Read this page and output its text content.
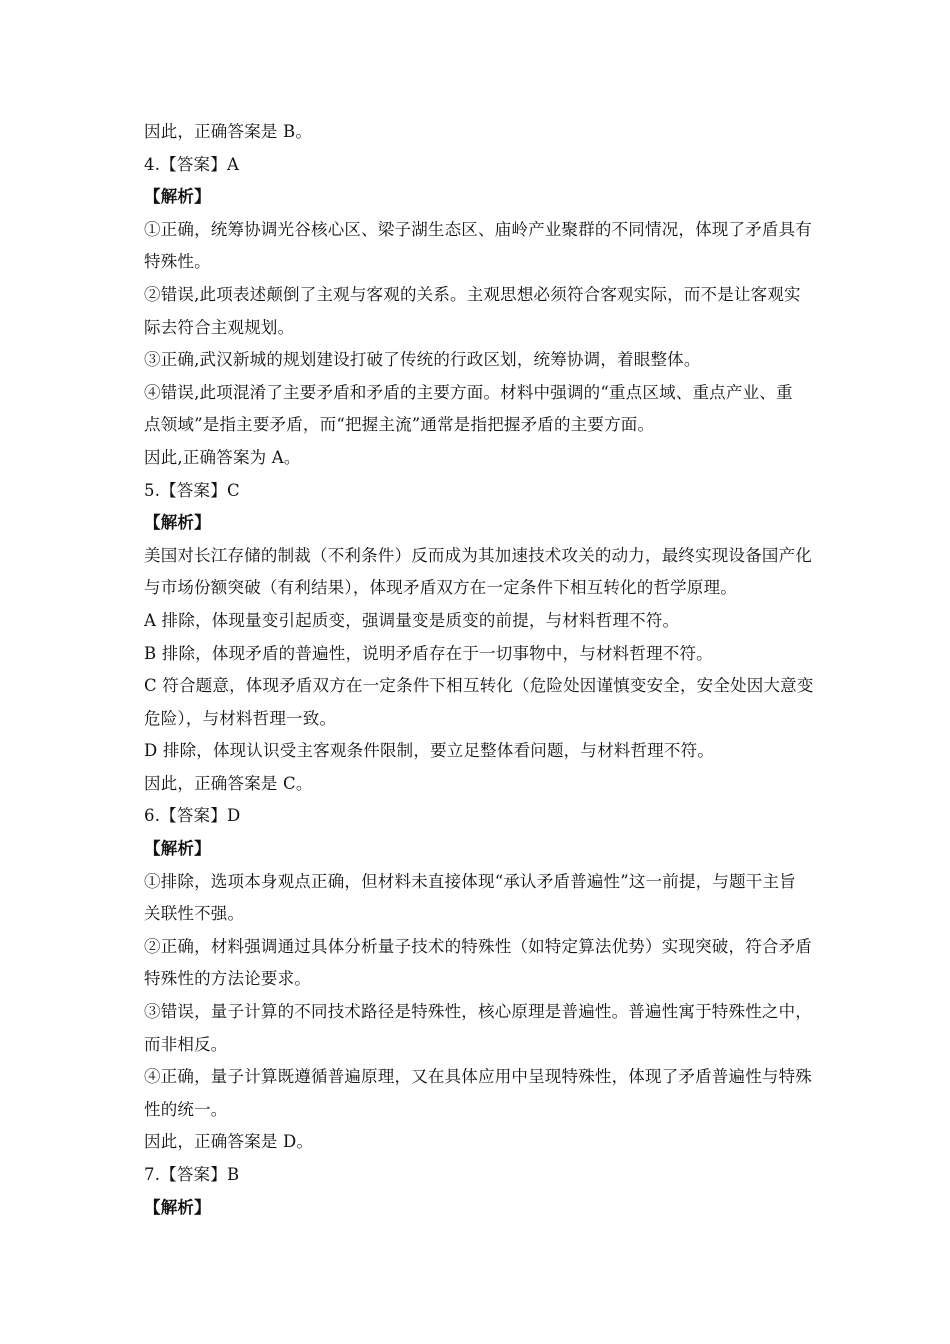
因此，正确答案是 B。
4.【答案】A
【解析】
①正确，统筹协调光谷核心区、梁子湖生态区、庙岭产业聚群的不同情况，体现了矛盾具有
特殊性。
②错误,此项表述颠倒了主观与客观的关系。主观思想必须符合客观实际，而不是让客观实
际去符合主观规划。
③正确,武汉新城的规划建设打破了传统的行政区划，统筹协调，着眼整体。
④错误,此项混淆了主要矛盾和矛盾的主要方面。材料中强调的“重点区域、重点产业、重
点领域”是指主要矛盾，而“把握主流”通常是指把握矛盾的主要方面。
因此,正确答案为 A。
5.【答案】C
【解析】
美国对长江存储的制裁（不利条件）反而成为其加速技术攻关的动力，最终实现设备国产化
与市场份额突破（有利结果），体现矛盾双方在一定条件下相互转化的哲学原理。
A 排除，体现量变引起质变，强调量变是质变的前提，与材料哲理不符。
B 排除，体现矛盾的普遍性，说明矛盾存在于一切事物中，与材料哲理不符。
C 符合题意，体现矛盾双方在一定条件下相互转化（危险处因谨慎变安全，安全处因大意变
危险），与材料哲理一致。
D 排除，体现认识受主客观条件限制，要立足整体看问题，与材料哲理不符。
因此，正确答案是 C。
6.【答案】D
【解析】
①排除，选项本身观点正确，但材料未直接体现“承认矛盾普遍性”这一前提，与题干主旨
关联性不强。
②正确，材料强调通过具体分析量子技术的特殊性（如特定算法优势）实现突破，符合矛盾
特殊性的方法论要求。
③错误，量子计算的不同技术路径是特殊性，核心原理是普遍性。普遍性寓于特殊性之中，
而非相反。
④正确，量子计算既遵循普遍原理，又在具体应用中呈现特殊性，体现了矛盾普遍性与特殊
性的统一。
因此，正确答案是 D。
7.【答案】B
【解析】
